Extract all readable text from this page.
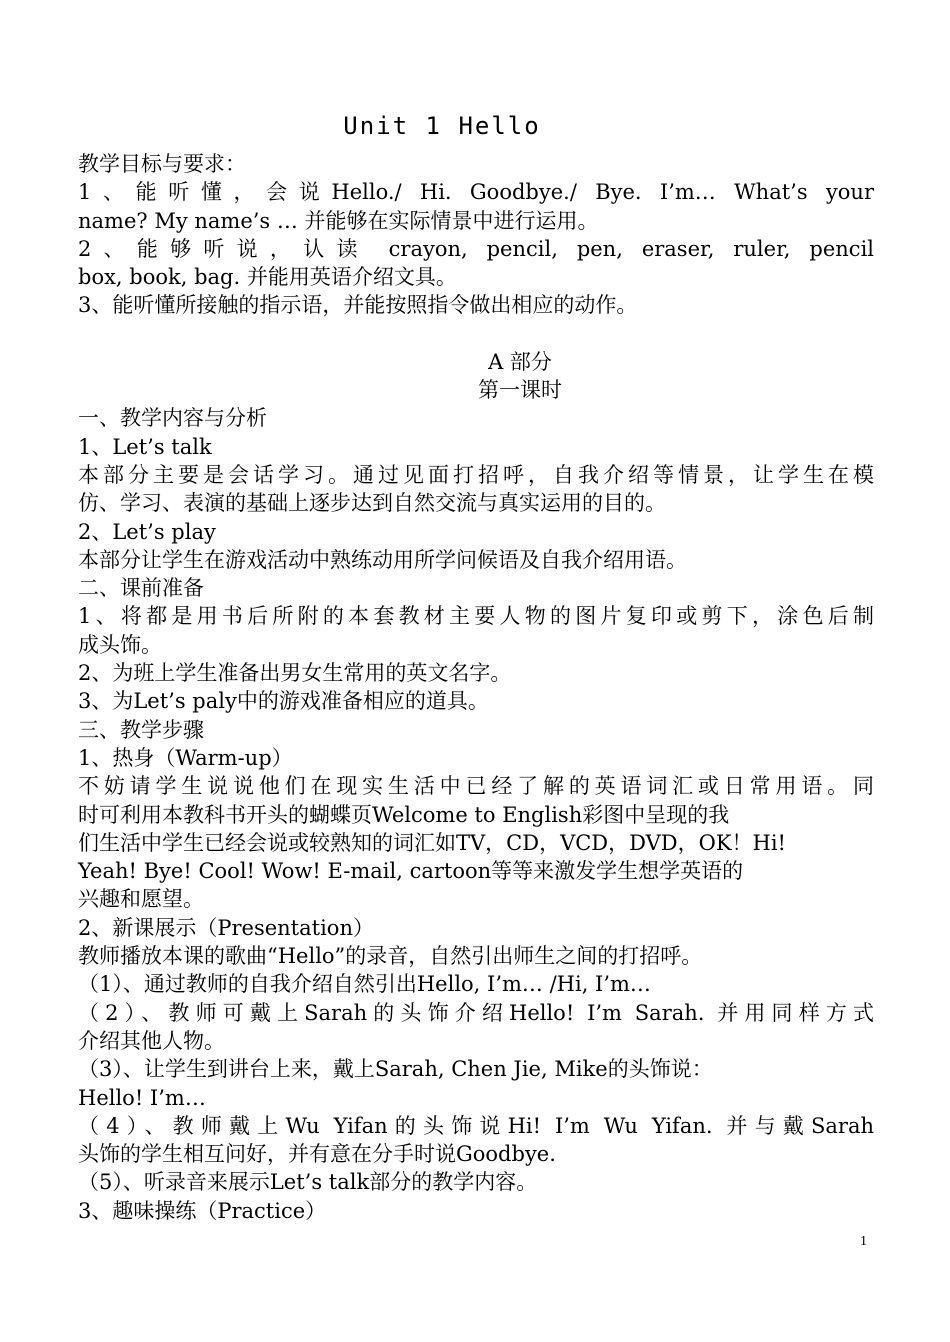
Unit 1 Hello

教学目标与要求：

1、能听懂，会说Hello./ Hi. Goodbye./ Bye. I’m… What’s your

name? My name’s … 并能够在实际情景中进行运用。

2、能够听说，认读 crayon, pencil, pen, eraser, ruler, pencil

box, book, bag. 并能用英语介绍文具。

3、能听懂所接触的指示语，并能按照指令做出相应的动作。

A 部分

第一课时

一、教学内容与分析

1、Let’s talk

本部分主要是会话学习。通过见面打招呼，自我介绍等情景，让学生在模

仿、学习、表演的基础上逐步达到自然交流与真实运用的目的。

2、Let’s play

本部分让学生在游戏活动中熟练动用所学问候语及自我介绍用语。

二、课前准备

1、将都是用书后所附的本套教材主要人物的图片复印或剪下，涂色后制

成头饰。

2、为班上学生准备出男女生常用的英文名字。

3、为Let’s paly中的游戏准备相应的道具。

三、教学步骤

1、热身（Warm-up）

不妨请学生说说他们在现实生活中已经了解的英语词汇或日常用语。同

时可利用本教科书开头的蝴蝶页Welcome to English彩图中呈现的我

们生活中学生已经会说或较熟知的词汇如TV，CD，VCD，DVD，OK！Hi!

Yeah! Bye! Cool! Wow! E-mail, cartoon等等来激发学生想学英语的

兴趣和愿望。

2、新课展示（Presentation）

教师播放本课的歌曲“Hello”的录音，自然引出师生之间的打招呼。

（1）、通过教师的自我介绍自然引出Hello, I’m… /Hi, I’m…

（2）、教师可戴上Sarah的头饰介绍Hello! I’m Sarah. 并用同样方式

介绍其他人物。

（3）、让学生到讲台上来，戴上Sarah, Chen Jie, Mike的头饰说：

Hello! I’m…

（4）、教师戴上Wu Yifan的头饰说Hi! I’m Wu Yifan. 并与戴Sarah

头饰的学生相互问好，并有意在分手时说Goodbye.

（5）、听录音来展示Let’s talk部分的教学内容。

3、趣味操练（Practice）

1
